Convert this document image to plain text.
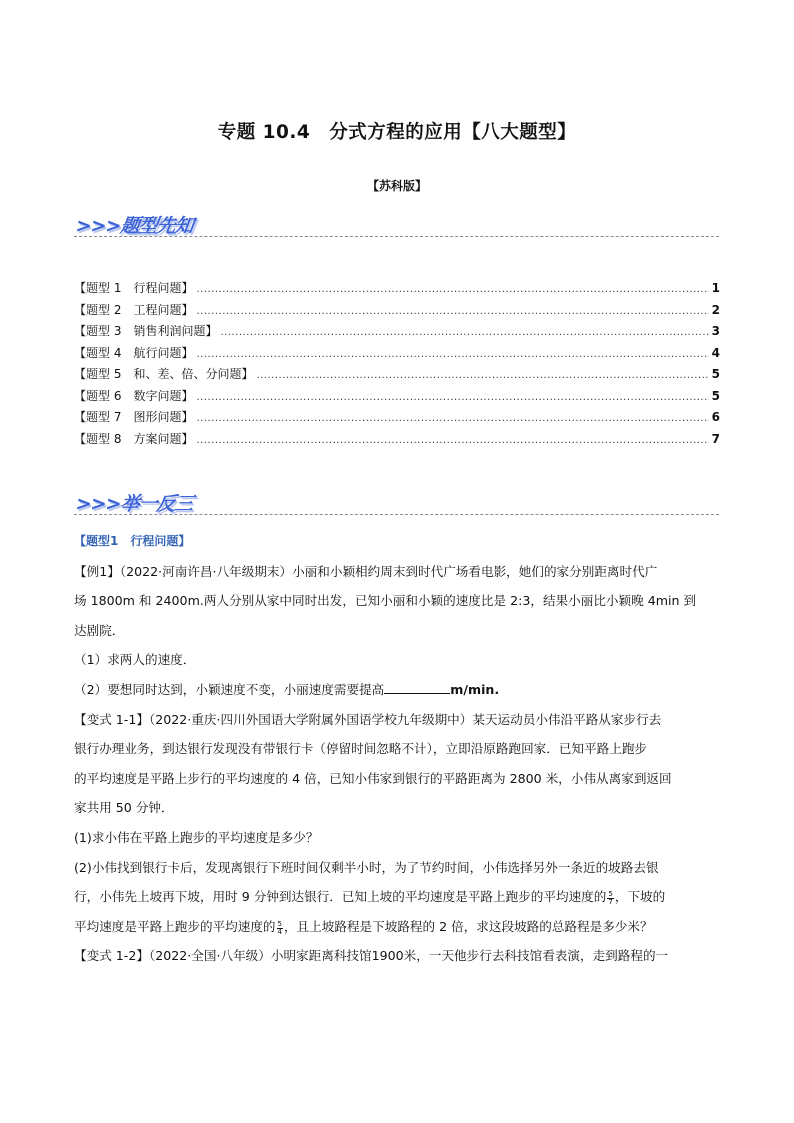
专题 10.4　分式方程的应用【八大题型】
【苏科版】
>>>题型先知
【题型 1　行程问题】 .....	1
【题型 2　工程问题】 .....	2
【题型 3　销售利润问题】 .....	3
【题型 4　航行问题】 .....	4
【题型 5　和、差、倍、分问题】 .....	5
【题型 6　数字问题】 .....	5
【题型 7　图形问题】 .....	6
【题型 8　方案问题】 .....	7
>>>举一反三

【题型1　行程问题】

【例1】（2022·河南许昌·八年级期末）小丽和小颖相约周末到时代广场看电影，她们的家分别距离时代广

场 1800m 和 2400m.两人分别从家中同时出发，已知小丽和小颖的速度比是 2:3，结果小丽比小颖晚 4min 到

达剧院．

（1）求两人的速度．

（2）要想同时达到，小颖速度不变，小丽速度需要提高	m/min.

【变式 1-1】（2022·重庆·四川外国语大学附属外国语学校九年级期中）某天运动员小伟沿平路从家步行去

银行办理业务，到达银行发现没有带银行卡（停留时间忽略不计），立即沿原路跑回家．已知平路上跑步

的平均速度是平路上步行的平均速度的 4 倍，已知小伟家到银行的平路距离为 2800 米，小伟从离家到返回

家共用 50 分钟．

(1)求小伟在平路上跑步的平均速度是多少？

(2)小伟找到银行卡后，发现离银行下班时间仅剩半小时，为了节约时间，小伟选择另外一条近的坡路去银

行，小伟先上坡再下坡，用时 9 分钟到达银行．已知上坡的平均速度是平路上跑步的平均速度的 $\frac{5}{7}$ ，下坡的

平均速度是平路上跑步的平均速度的 $\frac{5}{4}$ ，且上坡路程是下坡路程的 2 倍，求这段坡路的总路程是多少米？

【变式 1-2】（2022·全国·八年级）小明家距离科技馆1900米，一天他步行去科技馆看表演，走到路程的一
